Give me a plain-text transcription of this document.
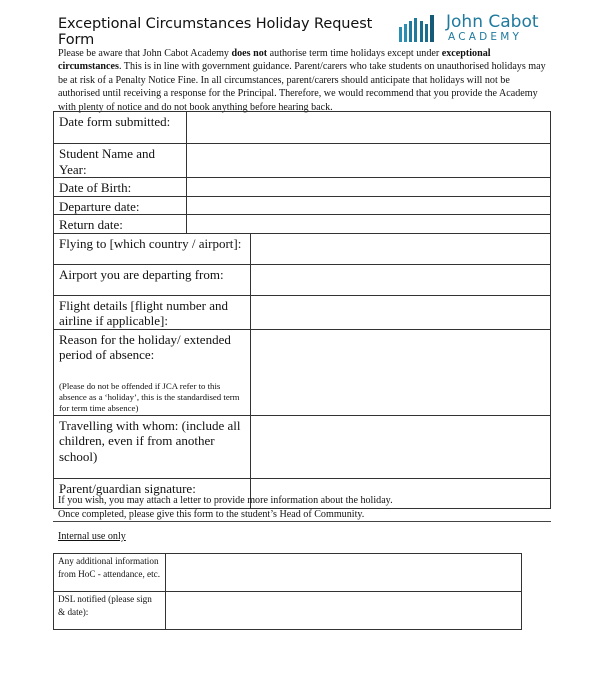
Exceptional Circumstances Holiday Request Form
John Cabot
ACADEMY
Please be aware that John Cabot Academy does not authorise term time holidays except under exceptional circumstances. This is in line with government guidance. Parent/carers who take students on unauthorised holidays may be at risk of a Penalty Notice Fine. In all circumstances, parent/carers should anticipate that holidays will not be authorised until receiving a response for the Principal. Therefore, we would recommend that you provide the Academy with plenty of notice and do not book anything before hearing back.
Date form submitted:		
Student Name and Year:		
Date of Birth:		
Departure date:		
Return date:		
Flying to [which country / airport]:		
Airport you are departing from:		
Flight details [flight number and airline if applicable]:		
Reason for the holiday/ extended period of absence:
(Please do not be offended if JCA refer to this absence as a ‘holiday’, this is the standardised term for term time absence)		

Travelling with whom: (include all children, even if from another school)		
Parent/guardian signature:		
If you wish, you may attach a letter to provide more information about the holiday.
Once completed, please give this form to the student’s Head of Community.
Internal use only
Any additional information from HoC - attendance, etc.	
DSL notified (please sign & date):	
